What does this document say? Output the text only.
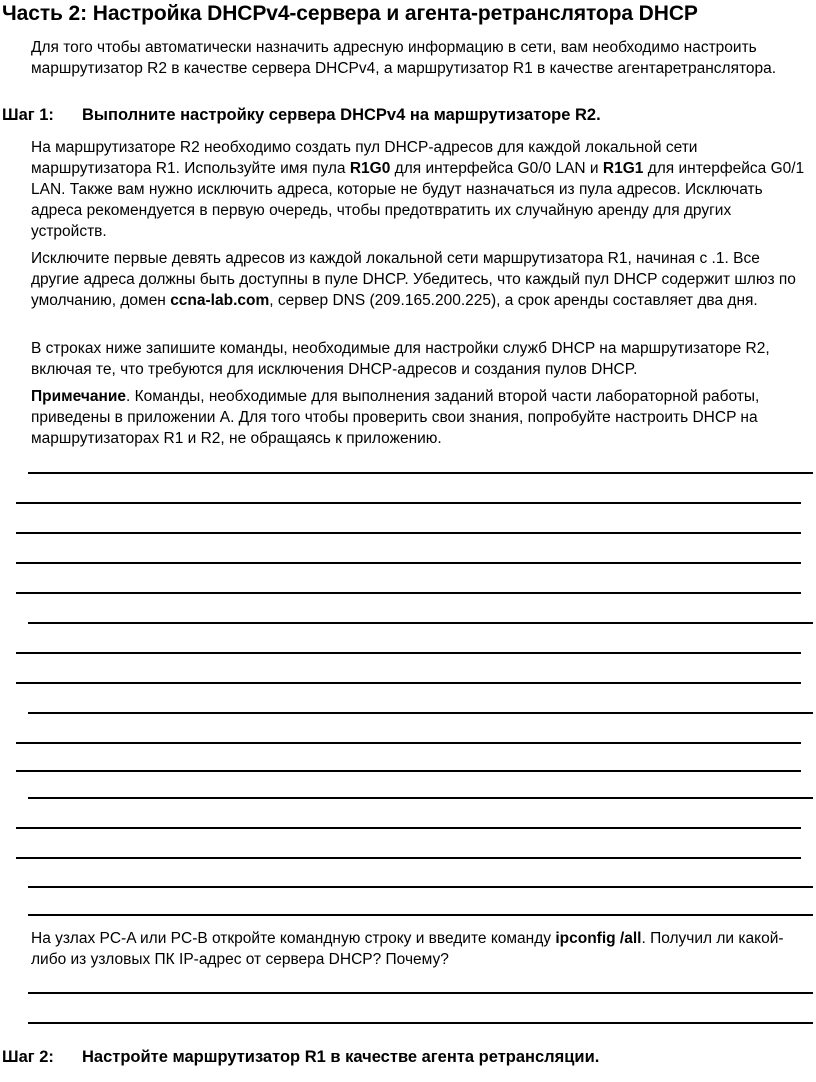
Часть 2: Настройка DHCPv4-сервера и агента-ретранслятора DHCP

Для того чтобы автоматически назначить адресную информацию в сети, вам необходимо настроить маршрутизатор R2 в качестве сервера DHCPv4, а маршрутизатор R1 в качестве агентаретранслятора.

Шаг 1: Выполните настройку сервера DHCPv4 на маршрутизаторе R2.

На маршрутизаторе R2 необходимо создать пул DHCP-адресов для каждой локальной сети маршрутизатора R1. Используйте имя пула R1G0 для интерфейса G0/0 LAN и R1G1 для интерфейса G0/1 LAN. Также вам нужно исключить адреса, которые не будут назначаться из пула адресов. Исключать адреса рекомендуется в первую очередь, чтобы предотвратить их случайную аренду для других устройств.

Исключите первые девять адресов из каждой локальной сети маршрутизатора R1, начиная с .1. Все другие адреса должны быть доступны в пуле DHCP. Убедитесь, что каждый пул DHCP содержит шлюз по умолчанию, домен ccna-lab.com, сервер DNS (209.165.200.225), а срок аренды составляет два дня.

В строках ниже запишите команды, необходимые для настройки служб DHCP на маршрутизаторе R2, включая те, что требуются для исключения DHCP-адресов и создания пулов DHCP.

Примечание. Команды, необходимые для выполнения заданий второй части лабораторной работы, приведены в приложении A. Для того чтобы проверить свои знания, попробуйте настроить DHCP на маршрутизаторах R1 и R2, не обращаясь к приложению.

На узлах PC-A или PC-B откройте командную строку и введите команду ipconfig /all. Получил ли какой-либо из узловых ПК IP-адрес от сервера DHCP? Почему?

Шаг 2: Настройте маршрутизатор R1 в качестве агента ретрансляции.
